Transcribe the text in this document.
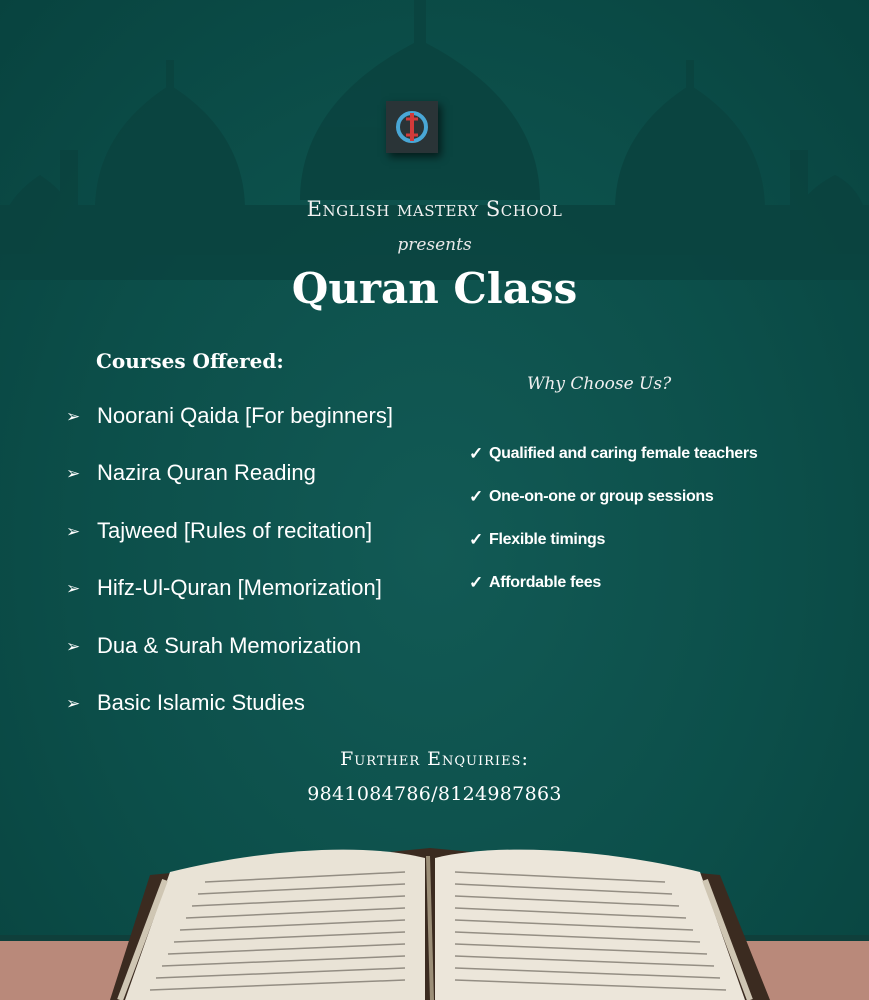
English mastery School
presents
Quran Class
Courses Offered:
➢ Noorani Qaida [For beginners]
➢ Nazira Quran Reading
➢ Tajweed [Rules of recitation]
➢ Hifz-Ul-Quran [Memorization]
➢ Dua & Surah Memorization
➢ Basic Islamic Studies
Why Choose Us?
✓ Qualified and caring female teachers
✓ One-on-one or group sessions
✓ Flexible timings
✓ Affordable fees
Further Enquiries:
9841084786/8124987863
